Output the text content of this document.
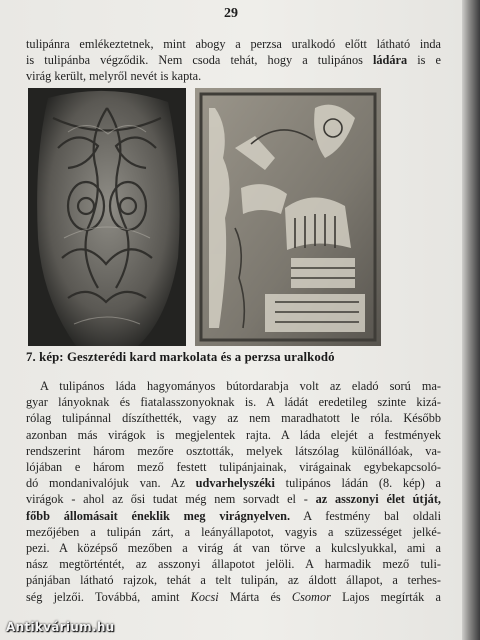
29
tulipánra emlékeztetnek, mint abogy a perzsa uralkodó előtt látható inda
is tulipánba végződik. Nem csoda tehát, hogy a tulipános ládára is e
virág került, melyről nevét is kapta.
7. kép: Geszterédi kard markolata és a perzsa uralkodó
A tulipános láda hagyományos bútordarabja volt az eladó sorú ma-
gyar lányoknak és fiatalasszonyoknak is. A ládát eredetileg szinte kizá-
rólag tulipánnal díszíthették, vagy az nem maradhatott le róla. Később
azonban más virágok is megjelentek rajta. A láda elejét a festmények
rendszerint három mezőre osztották, melyek látszólag különállóak, va-
lójában e három mező festett tulipánjainak, virágainak egybekapcsoló-
dó mondanivalójuk van. Az udvarhelyszéki tulipános ládán (8. kép) a
virágok - ahol az ősi tudat még nem sorvadt el - az asszonyi élet útját,
főbb állomásait éneklik meg virágnyelven. A festmény bal oldali
mezőjében a tulipán zárt, a leányállapotot, vagyis a szüzességet jelké-
pezi. A középső mezőben a virág át van törve a kulcslyukkal, ami a
nász megtörténtét, az asszonyi állapotot jelöli. A harmadik mező tuli-
pánjában látható rajzok, tehát a telt tulipán, az áldott állapot, a terhes-
ség jelzői. Továbbá, amint Kocsi Márta és Csomor Lajos megírták a
Antikvárium.hu
